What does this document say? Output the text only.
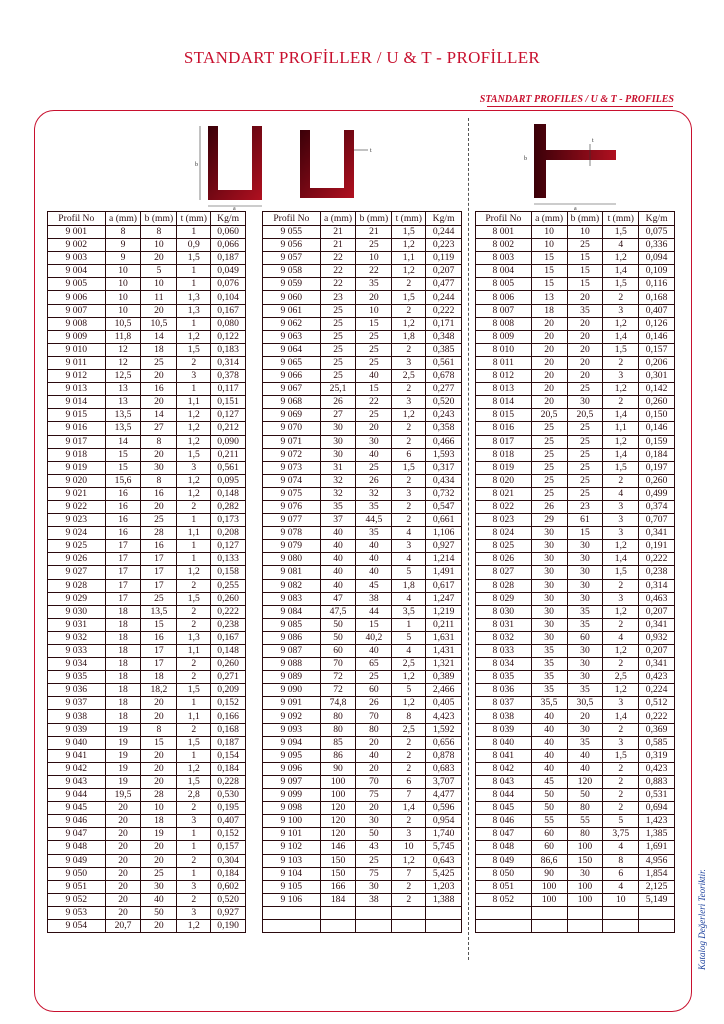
STANDART PROFİLLER / U & T - PROFİLLER
STANDART PROFILES / U & T - PROFILES
b
a
t
b
t
a
Profil No	a (mm)	b (mm)	t (mm)	Kg/m
9 001	8	8	1	0,060
9 002	9	10	0,9	0,066
9 003	9	20	1,5	0,187
9 004	10	5	1	0,049
9 005	10	10	1	0,076
9 006	10	11	1,3	0,104
9 007	10	20	1,3	0,167
9 008	10,5	10,5	1	0,080
9 009	11,8	14	1,2	0,122
9 010	12	18	1,5	0,183
9 011	12	25	2	0,314
9 012	12,5	20	3	0,378
9 013	13	16	1	0,117
9 014	13	20	1,1	0,151
9 015	13,5	14	1,2	0,127
9 016	13,5	27	1,2	0,212
9 017	14	8	1,2	0,090
9 018	15	20	1,5	0,211
9 019	15	30	3	0,561
9 020	15,6	8	1,2	0,095
9 021	16	16	1,2	0,148
9 022	16	20	2	0,282
9 023	16	25	1	0,173
9 024	16	28	1,1	0,208
9 025	17	16	1	0,127
9 026	17	17	1	0,133
9 027	17	17	1,2	0,158
9 028	17	17	2	0,255
9 029	17	25	1,5	0,260
9 030	18	13,5	2	0,222
9 031	18	15	2	0,238
9 032	18	16	1,3	0,167
9 033	18	17	1,1	0,148
9 034	18	17	2	0,260
9 035	18	18	2	0,271
9 036	18	18,2	1,5	0,209
9 037	18	20	1	0,152
9 038	18	20	1,1	0,166
9 039	19	8	2	0,168
9 040	19	15	1,5	0,187
9 041	19	20	1	0,154
9 042	19	20	1,2	0,184
9 043	19	20	1,5	0,228
9 044	19,5	28	2,8	0,530
9 045	20	10	2	0,195
9 046	20	18	3	0,407
9 047	20	19	1	0,152
9 048	20	20	1	0,157
9 049	20	20	2	0,304
9 050	20	25	1	0,184
9 051	20	30	3	0,602
9 052	20	40	2	0,520
9 053	20	50	3	0,927
9 054	20,7	20	1,2	0,190
Profil No	a (mm)	b (mm)	t (mm)	Kg/m
9 055	21	21	1,5	0,244
9 056	21	25	1,2	0,223
9 057	22	10	1,1	0,119
9 058	22	22	1,2	0,207
9 059	22	35	2	0,477
9 060	23	20	1,5	0,244
9 061	25	10	2	0,222
9 062	25	15	1,2	0,171
9 063	25	25	1,8	0,348
9 064	25	25	2	0,385
9 065	25	25	3	0,561
9 066	25	40	2,5	0,678
9 067	25,1	15	2	0,277
9 068	26	22	3	0,520
9 069	27	25	1,2	0,243
9 070	30	20	2	0,358
9 071	30	30	2	0,466
9 072	30	40	6	1,593
9 073	31	25	1,5	0,317
9 074	32	26	2	0,434
9 075	32	32	3	0,732
9 076	35	35	2	0,547
9 077	37	44,5	2	0,661
9 078	40	35	4	1,106
9 079	40	40	3	0,927
9 080	40	40	4	1,214
9 081	40	40	5	1,491
9 082	40	45	1,8	0,617
9 083	47	38	4	1,247
9 084	47,5	44	3,5	1,219
9 085	50	15	1	0,211
9 086	50	40,2	5	1,631
9 087	60	40	4	1,431
9 088	70	65	2,5	1,321
9 089	72	25	1,2	0,389
9 090	72	60	5	2,466
9 091	74,8	26	1,2	0,405
9 092	80	70	8	4,423
9 093	80	80	2,5	1,592
9 094	85	20	2	0,656
9 095	86	40	2	0,878
9 096	90	20	2	0,683
9 097	100	70	6	3,707
9 099	100	75	7	4,477
9 098	120	20	1,4	0,596
9 100	120	30	2	0,954
9 101	120	50	3	1,740
9 102	146	43	10	5,745
9 103	150	25	1,2	0,643
9 104	150	75	7	5,425
9 105	166	30	2	1,203
9 106	184	38	2	1,388

Profil No	a (mm)	b (mm)	t (mm)	Kg/m
8 001	10	10	1,5	0,075
8 002	10	25	4	0,336
8 003	15	15	1,2	0,094
8 004	15	15	1,4	0,109
8 005	15	15	1,5	0,116
8 006	13	20	2	0,168
8 007	18	35	3	0,407
8 008	20	20	1,2	0,126
8 009	20	20	1,4	0,146
8 010	20	20	1,5	0,157
8 011	20	20	2	0,206
8 012	20	20	3	0,301
8 013	20	25	1,2	0,142
8 014	20	30	2	0,260
8 015	20,5	20,5	1,4	0,150
8 016	25	25	1,1	0,146
8 017	25	25	1,2	0,159
8 018	25	25	1,4	0,184
8 019	25	25	1,5	0,197
8 020	25	25	2	0,260
8 021	25	25	4	0,499
8 022	26	23	3	0,374
8 023	29	61	3	0,707
8 024	30	15	3	0,341
8 025	30	30	1,2	0,191
8 026	30	30	1,4	0,222
8 027	30	30	1,5	0,238
8 028	30	30	2	0,314
8 029	30	30	3	0,463
8 030	30	35	1,2	0,207
8 031	30	35	2	0,341
8 032	30	60	4	0,932
8 033	35	30	1,2	0,207
8 034	35	30	2	0,341
8 035	35	30	2,5	0,423
8 036	35	35	1,2	0,224
8 037	35,5	30,5	3	0,512
8 038	40	20	1,4	0,222
8 039	40	30	2	0,369
8 040	40	35	3	0,585
8 041	40	40	1,5	0,319
8 042	40	40	2	0,423
8 043	45	120	2	0,883
8 044	50	50	2	0,531
8 045	50	80	2	0,694
8 046	55	55	5	1,423
8 047	60	80	3,75	1,385
8 048	60	100	4	1,691
8 049	86,6	150	8	4,956
8 050	90	30	6	1,854
8 051	100	100	4	2,125
8 052	100	100	10	5,149

					Katalog Değerleri Teoriktir.
